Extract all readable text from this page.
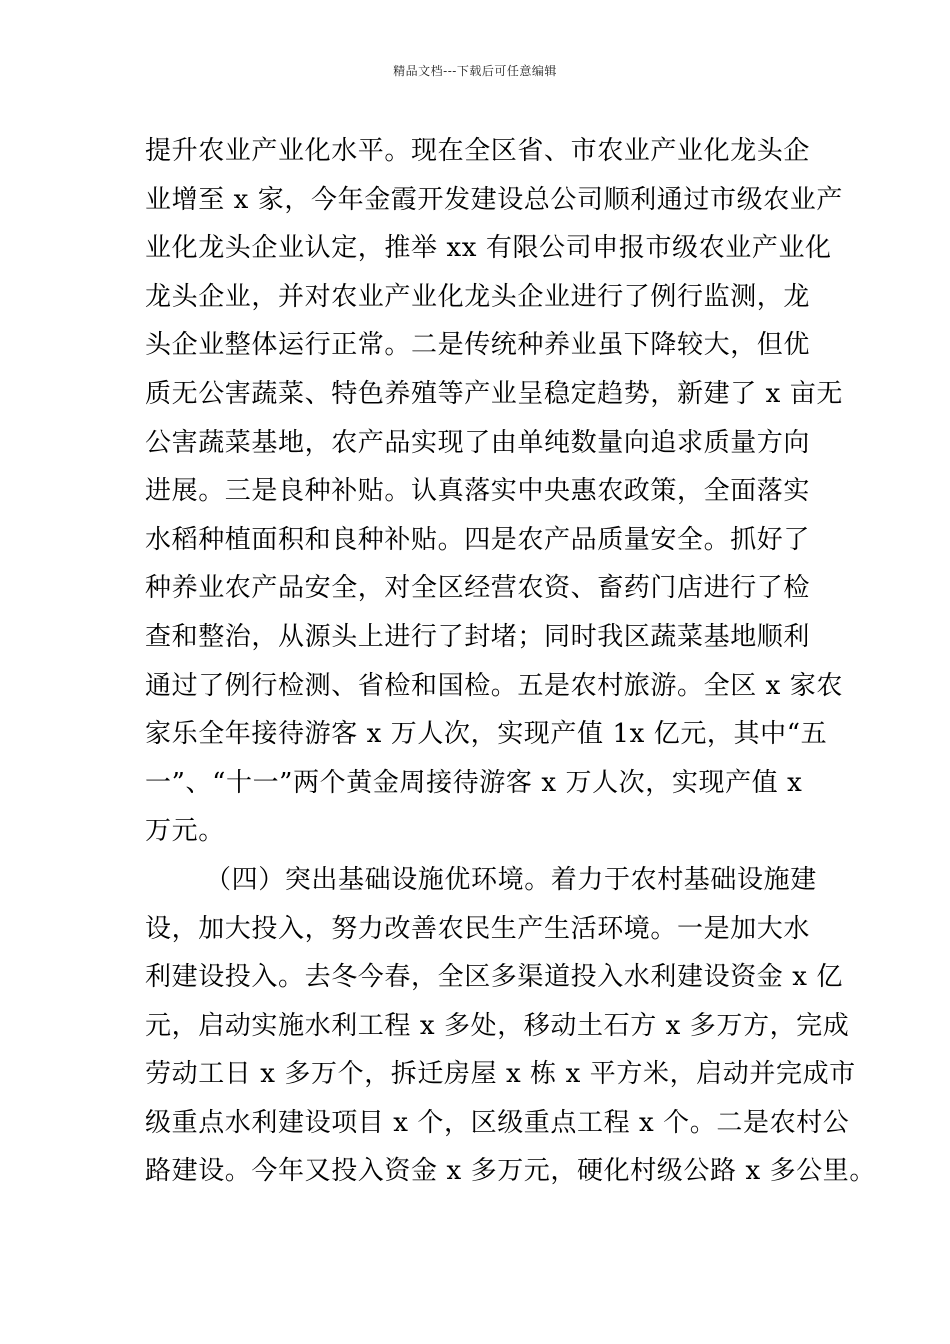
精品文档---下载后可任意编辑
提升农业产业化水平。现在全区省、市农业产业化龙头企
业增至 x 家，今年金霞开发建设总公司顺利通过市级农业产
业化龙头企业认定，推举 xx 有限公司申报市级农业产业化
龙头企业，并对农业产业化龙头企业进行了例行监测，龙
头企业整体运行正常。二是传统种养业虽下降较大，但优
质无公害蔬菜、特色养殖等产业呈稳定趋势，新建了 x 亩无
公害蔬菜基地，农产品实现了由单纯数量向追求质量方向
进展。三是良种补贴。认真落实中央惠农政策，全面落实
水稻种植面积和良种补贴。四是农产品质量安全。抓好了
种养业农产品安全，对全区经营农资、畜药门店进行了检
查和整治，从源头上进行了封堵；同时我区蔬菜基地顺利
通过了例行检测、省检和国检。五是农村旅游。全区 x 家农
家乐全年接待游客 x 万人次，实现产值 1x 亿元，其中“五
一”、“十一”两个黄金周接待游客 x 万人次，实现产值 x
万元。
（四）突出基础设施优环境。着力于农村基础设施建
设，加大投入，努力改善农民生产生活环境。一是加大水
利建设投入。去冬今春，全区多渠道投入水利建设资金 x 亿
元，启动实施水利工程 x 多处，移动土石方 x 多万方，完成
劳动工日 x 多万个，拆迁房屋 x 栋 x 平方米，启动并完成市
级重点水利建设项目 x 个，区级重点工程 x 个。二是农村公
路建设。今年又投入资金 x 多万元，硬化村级公路 x 多公里。
